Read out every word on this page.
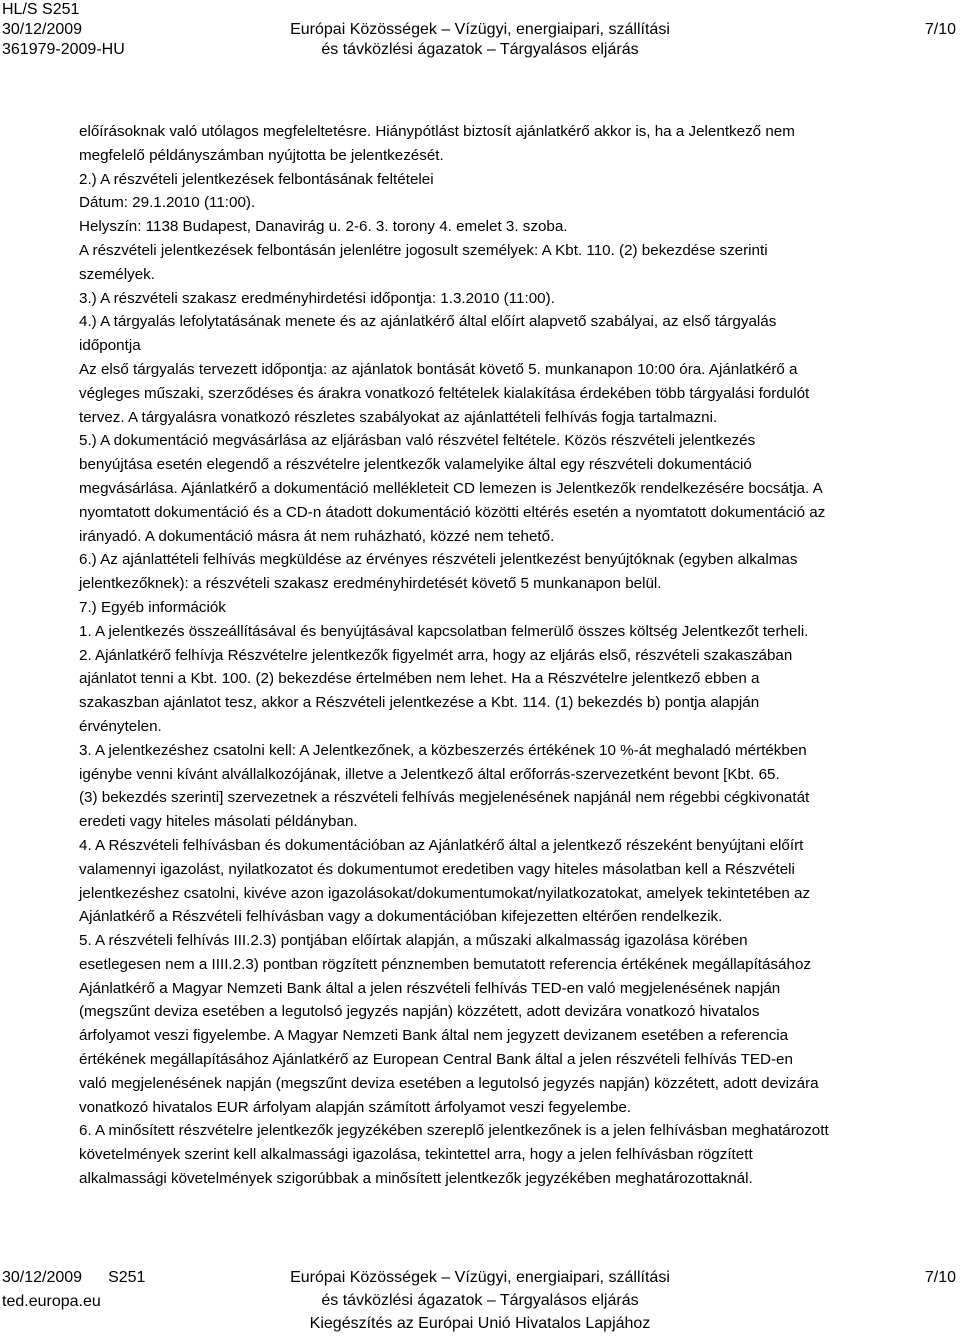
HL/S S251
30/12/2009
361979-2009-HU

Európai Közösségek – Vízügyi, energiaipari, szállítási
és távközlési ágazatok – Tárgyalásos eljárás
7/10

előírásoknak való utólagos megfeleltetésre. Hiánypótlást biztosít ajánlatkérő akkor is, ha a Jelentkező nem

megfelelő példányszámban nyújtotta be jelentkezését.

2.) A részvételi jelentkezések felbontásának feltételei

Dátum: 29.1.2010 (11:00).

Helyszín: 1138 Budapest, Danavirág u. 2-6. 3. torony 4. emelet 3. szoba.

A részvételi jelentkezések felbontásán jelenlétre jogosult személyek: A Kbt. 110. (2) bekezdése szerinti

személyek.

3.) A részvételi szakasz eredményhirdetési időpontja: 1.3.2010 (11:00).

4.) A tárgyalás lefolytatásának menete és az ajánlatkérő által előírt alapvető szabályai, az első tárgyalás

időpontja

Az első tárgyalás tervezett időpontja: az ajánlatok bontását követő 5. munkanapon 10:00 óra. Ajánlatkérő a

végleges műszaki, szerződéses és árakra vonatkozó feltételek kialakítása érdekében több tárgyalási fordulót

tervez. A tárgyalásra vonatkozó részletes szabályokat az ajánlattételi felhívás fogja tartalmazni.

5.) A dokumentáció megvásárlása az eljárásban való részvétel feltétele. Közös részvételi jelentkezés

benyújtása esetén elegendő a részvételre jelentkezők valamelyike által egy részvételi dokumentáció

megvásárlása. Ajánlatkérő a dokumentáció mellékleteit CD lemezen is Jelentkezők rendelkezésére bocsátja. A

nyomtatott dokumentáció és a CD-n átadott dokumentáció közötti eltérés esetén a nyomtatott dokumentáció az

irányadó. A dokumentáció másra át nem ruházható, közzé nem tehető.

6.) Az ajánlattételi felhívás megküldése az érvényes részvételi jelentkezést benyújtóknak (egyben alkalmas

jelentkezőknek): a részvételi szakasz eredményhirdetését követő 5 munkanapon belül.

7.) Egyéb információk

1. A jelentkezés összeállításával és benyújtásával kapcsolatban felmerülő összes költség Jelentkezőt terheli.

2. Ajánlatkérő felhívja Részvételre jelentkezők figyelmét arra, hogy az eljárás első, részvételi szakaszában

ajánlatot tenni a Kbt. 100. (2) bekezdése értelmében nem lehet. Ha a Részvételre jelentkező ebben a

szakaszban ajánlatot tesz, akkor a Részvételi jelentkezése a Kbt. 114. (1) bekezdés b) pontja alapján

érvénytelen.

3. A jelentkezéshez csatolni kell: A Jelentkezőnek, a közbeszerzés értékének 10 %-át meghaladó mértékben

igénybe venni kívánt alvállalkozójának, illetve a Jelentkező által erőforrás-szervezetként bevont [Kbt. 65.

(3) bekezdés szerinti] szervezetnek a részvételi felhívás megjelenésének napjánál nem régebbi cégkivonatát

eredeti vagy hiteles másolati példányban.

4. A Részvételi felhívásban és dokumentációban az Ajánlatkérő által a jelentkező részeként benyújtani előírt

valamennyi igazolást, nyilatkozatot és dokumentumot eredetiben vagy hiteles másolatban kell a Részvételi

jelentkezéshez csatolni, kivéve azon igazolásokat/dokumentumokat/nyilatkozatokat, amelyek tekintetében az

Ajánlatkérő a Részvételi felhívásban vagy a dokumentációban kifejezetten eltérően rendelkezik.

5. A részvételi felhívás III.2.3) pontjában előírtak alapján, a műszaki alkalmasság igazolása körében

esetlegesen nem a IIII.2.3) pontban rögzített pénznemben bemutatott referencia értékének megállapításához

Ajánlatkérő a Magyar Nemzeti Bank által a jelen részvételi felhívás TED-en való megjelenésének napján

(megszűnt deviza esetében a legutolsó jegyzés napján) közzétett, adott devizára vonatkozó hivatalos

árfolyamot veszi figyelembe. A Magyar Nemzeti Bank által nem jegyzett devizanem esetében a referencia

értékének megállapításához Ajánlatkérő az European Central Bank által a jelen részvételi felhívás TED-en

való megjelenésének napján (megszűnt deviza esetében a legutolsó jegyzés napján) közzétett, adott devizára

vonatkozó hivatalos EUR árfolyam alapján számított árfolyamot veszi fegyelembe.

6. A minősített részvételre jelentkezők jegyzékében szereplő jelentkezőnek is a jelen felhívásban meghatározott

követelmények szerint kell alkalmassági igazolása, tekintettel arra, hogy a jelen felhívásban rögzített

alkalmassági követelmények szigorúbbak a minősített jelentkezők jegyzékében meghatározottaknál.

30/12/2009 S251
ted.europa.eu
Európai Közösségek – Vízügyi, energiaipari, szállítási
és távközlési ágazatok – Tárgyalásos eljárás
Kiegészítés az Európai Unió Hivatalos Lapjához
7/10
